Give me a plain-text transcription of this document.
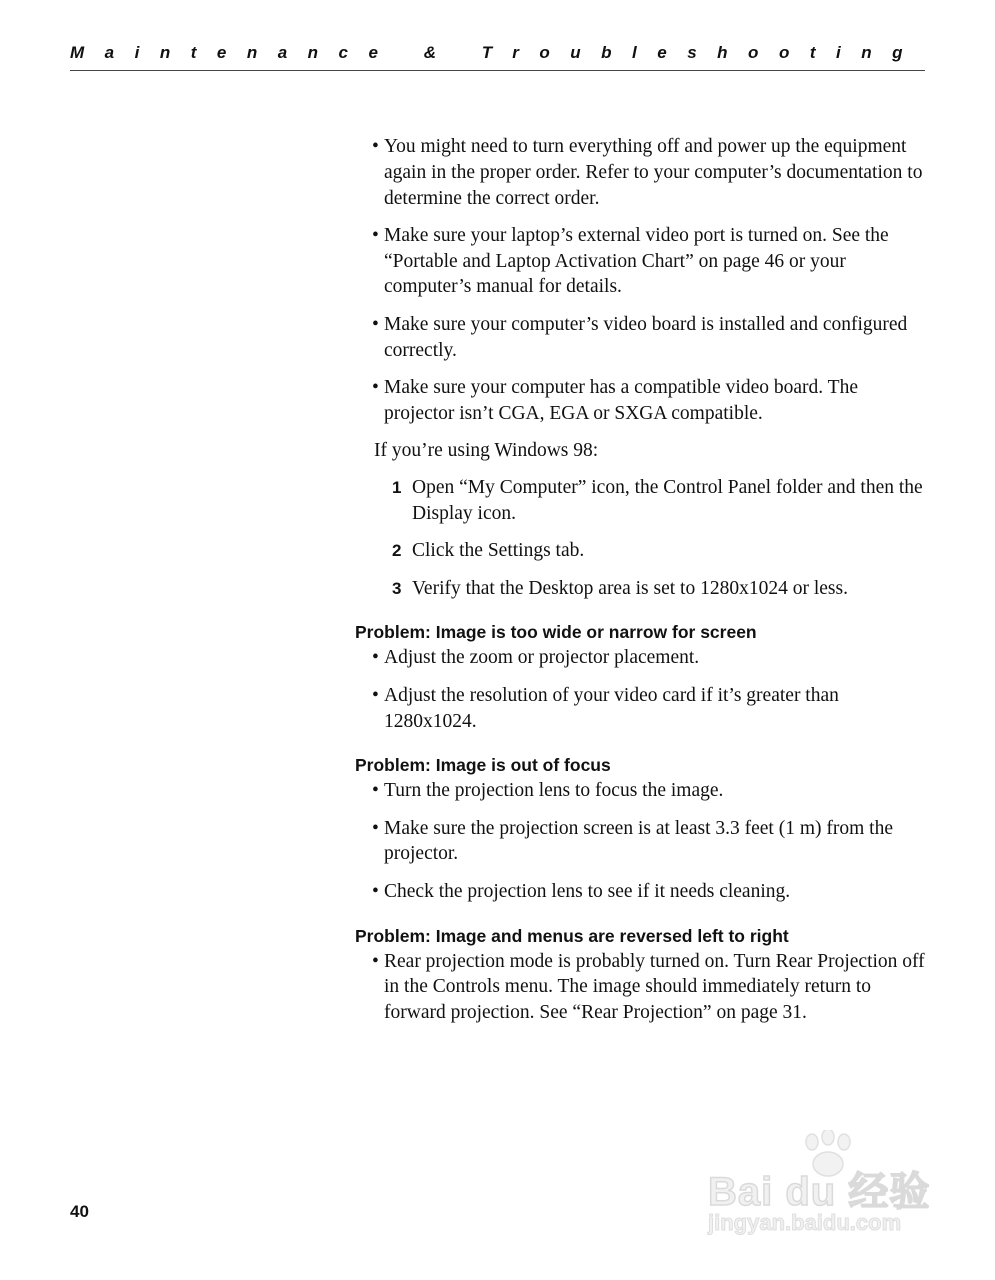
Maintenance & Troubleshooting
• You might need to turn everything off and power up the equipment again in the proper order. Refer to your computer’s documentation to determine the correct order.
• Make sure your laptop’s external video port is turned on. See the “Portable and Laptop Activation Chart” on page 46 or your computer’s manual for details.
• Make sure your computer’s video board is installed and configured correctly.
• Make sure your computer has a compatible video board. The projector isn’t CGA, EGA or SXGA compatible.

If you’re using Windows 98:

1 Open “My Computer” icon, the Control Panel folder and then the Display icon.
2 Click the Settings tab.
3 Verify that the Desktop area is set to 1280x1024 or less.
Problem: Image is too wide or narrow for screen
• Adjust the zoom or projector placement.
• Adjust the resolution of your video card if it’s greater than 1280x1024.
Problem: Image is out of focus
• Turn the projection lens to focus the image.
• Make sure the projection screen is at least 3.3 feet (1 m) from the projector.
• Check the projection lens to see if it needs cleaning.
Problem: Image and menus are reversed left to right
• Rear projection mode is probably turned on. Turn Rear Projection off in the Controls menu. The image should immediately return to forward projection. See “Rear Projection” on page 31.
40	Bai du 经验
jingyan.baidu.com
